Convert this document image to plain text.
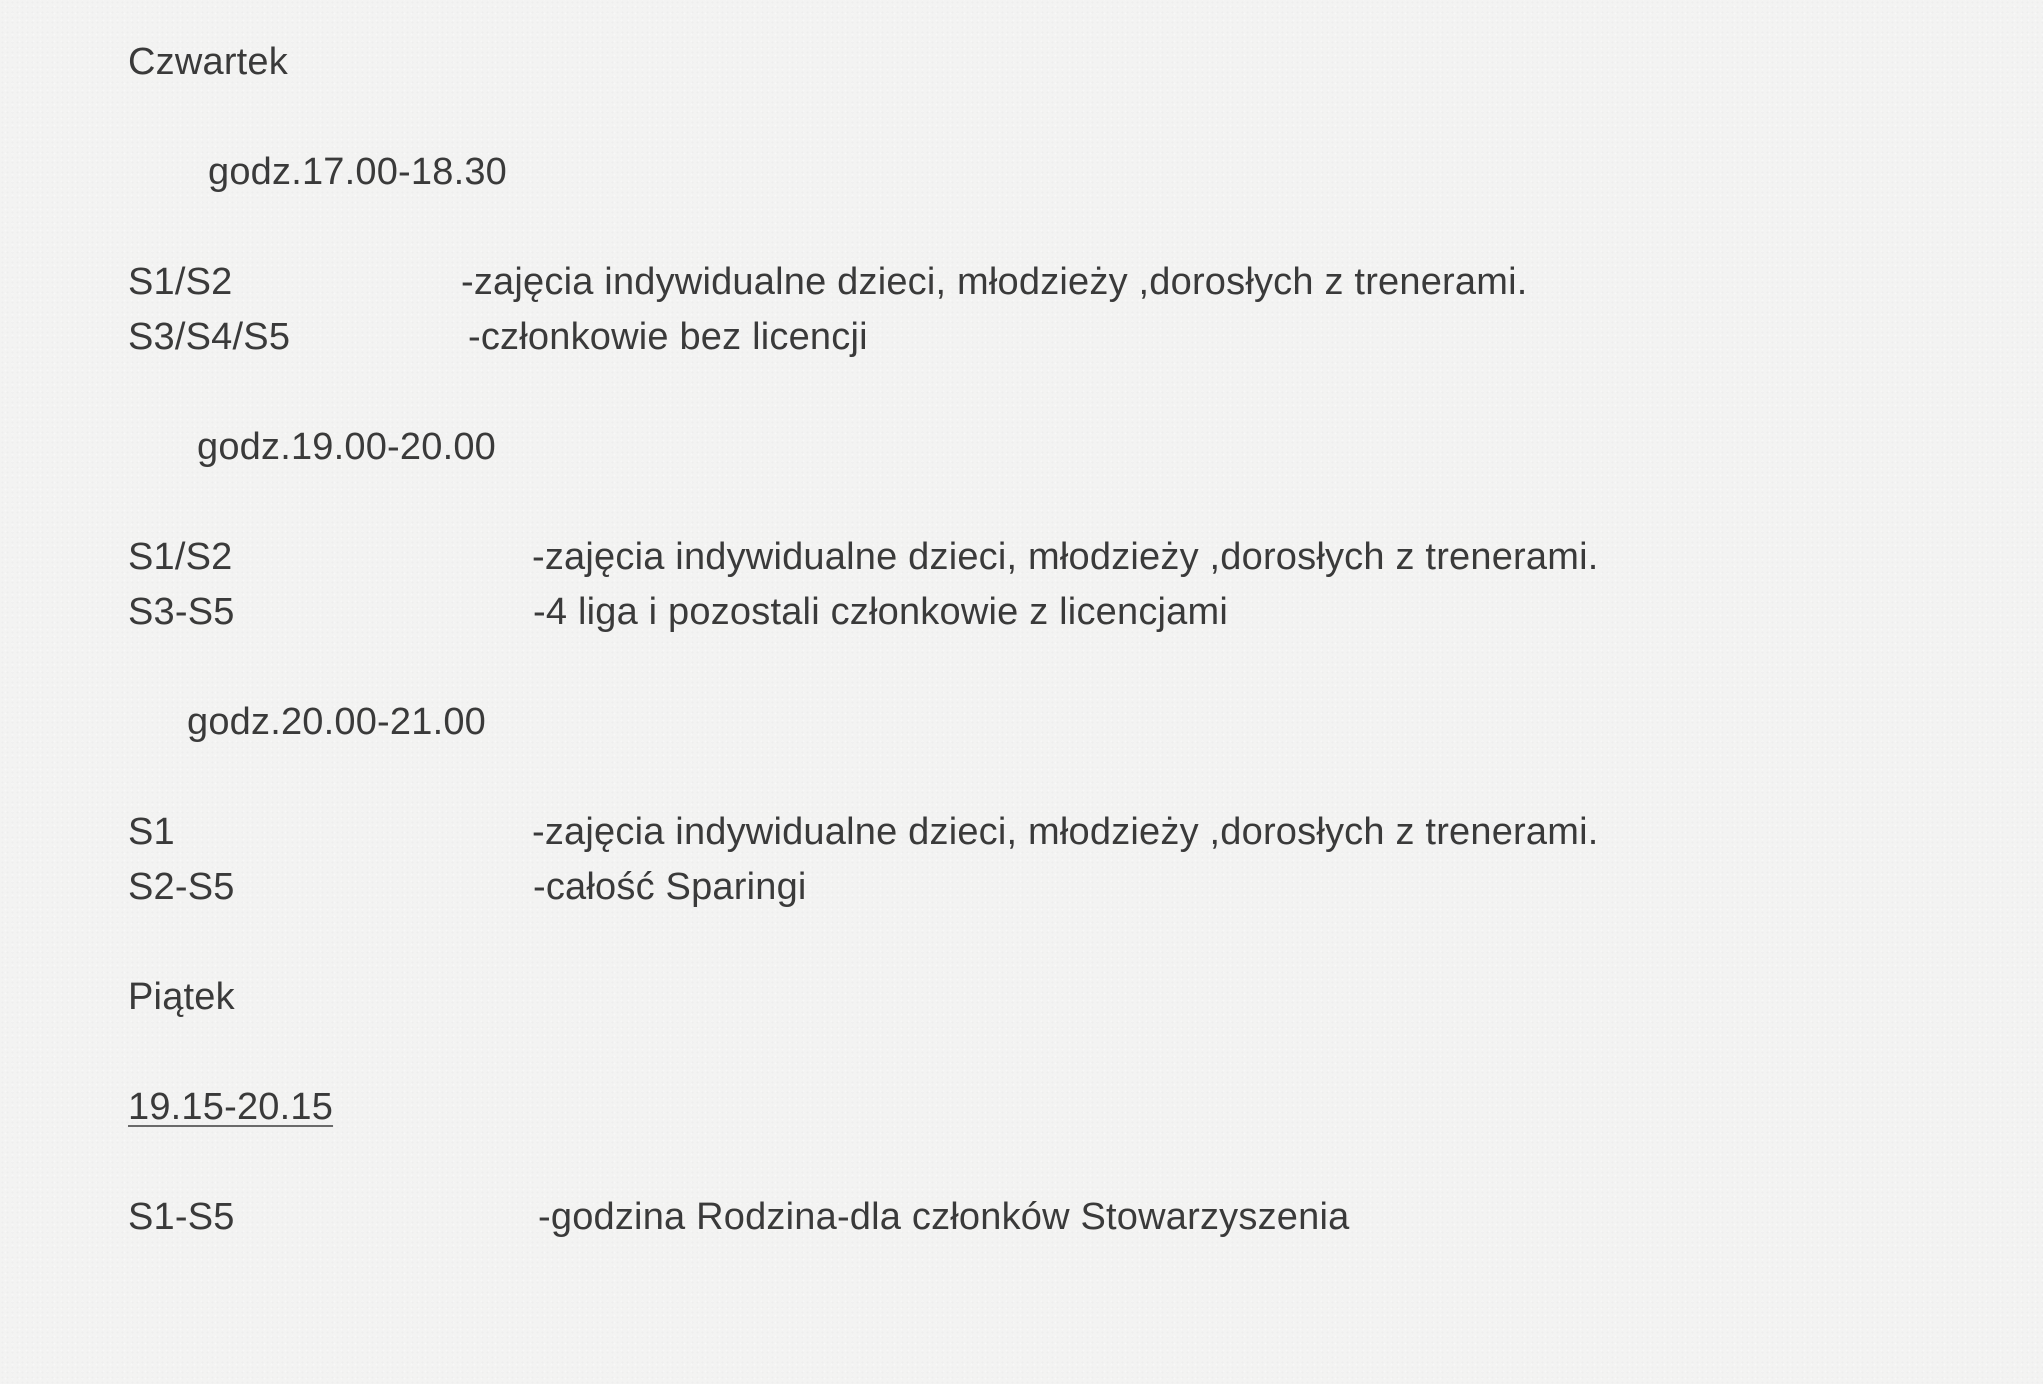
Czwartek
godz.17.00-18.30
S1/S2	-zajęcia indywidualne dzieci, młodzieży ,dorosłych z trenerami.
S3/S4/S5	-członkowie bez licencji
godz.19.00-20.00
S1/S2	-zajęcia indywidualne dzieci, młodzieży ,dorosłych z trenerami.
S3-S5	-4 liga i pozostali członkowie z licencjami
godz.20.00-21.00
S1	-zajęcia indywidualne dzieci, młodzieży ,dorosłych z trenerami.
S2-S5	-całość Sparingi
Piątek
19.15-20.15
S1-S5	-godzina Rodzina-dla członków Stowarzyszenia
